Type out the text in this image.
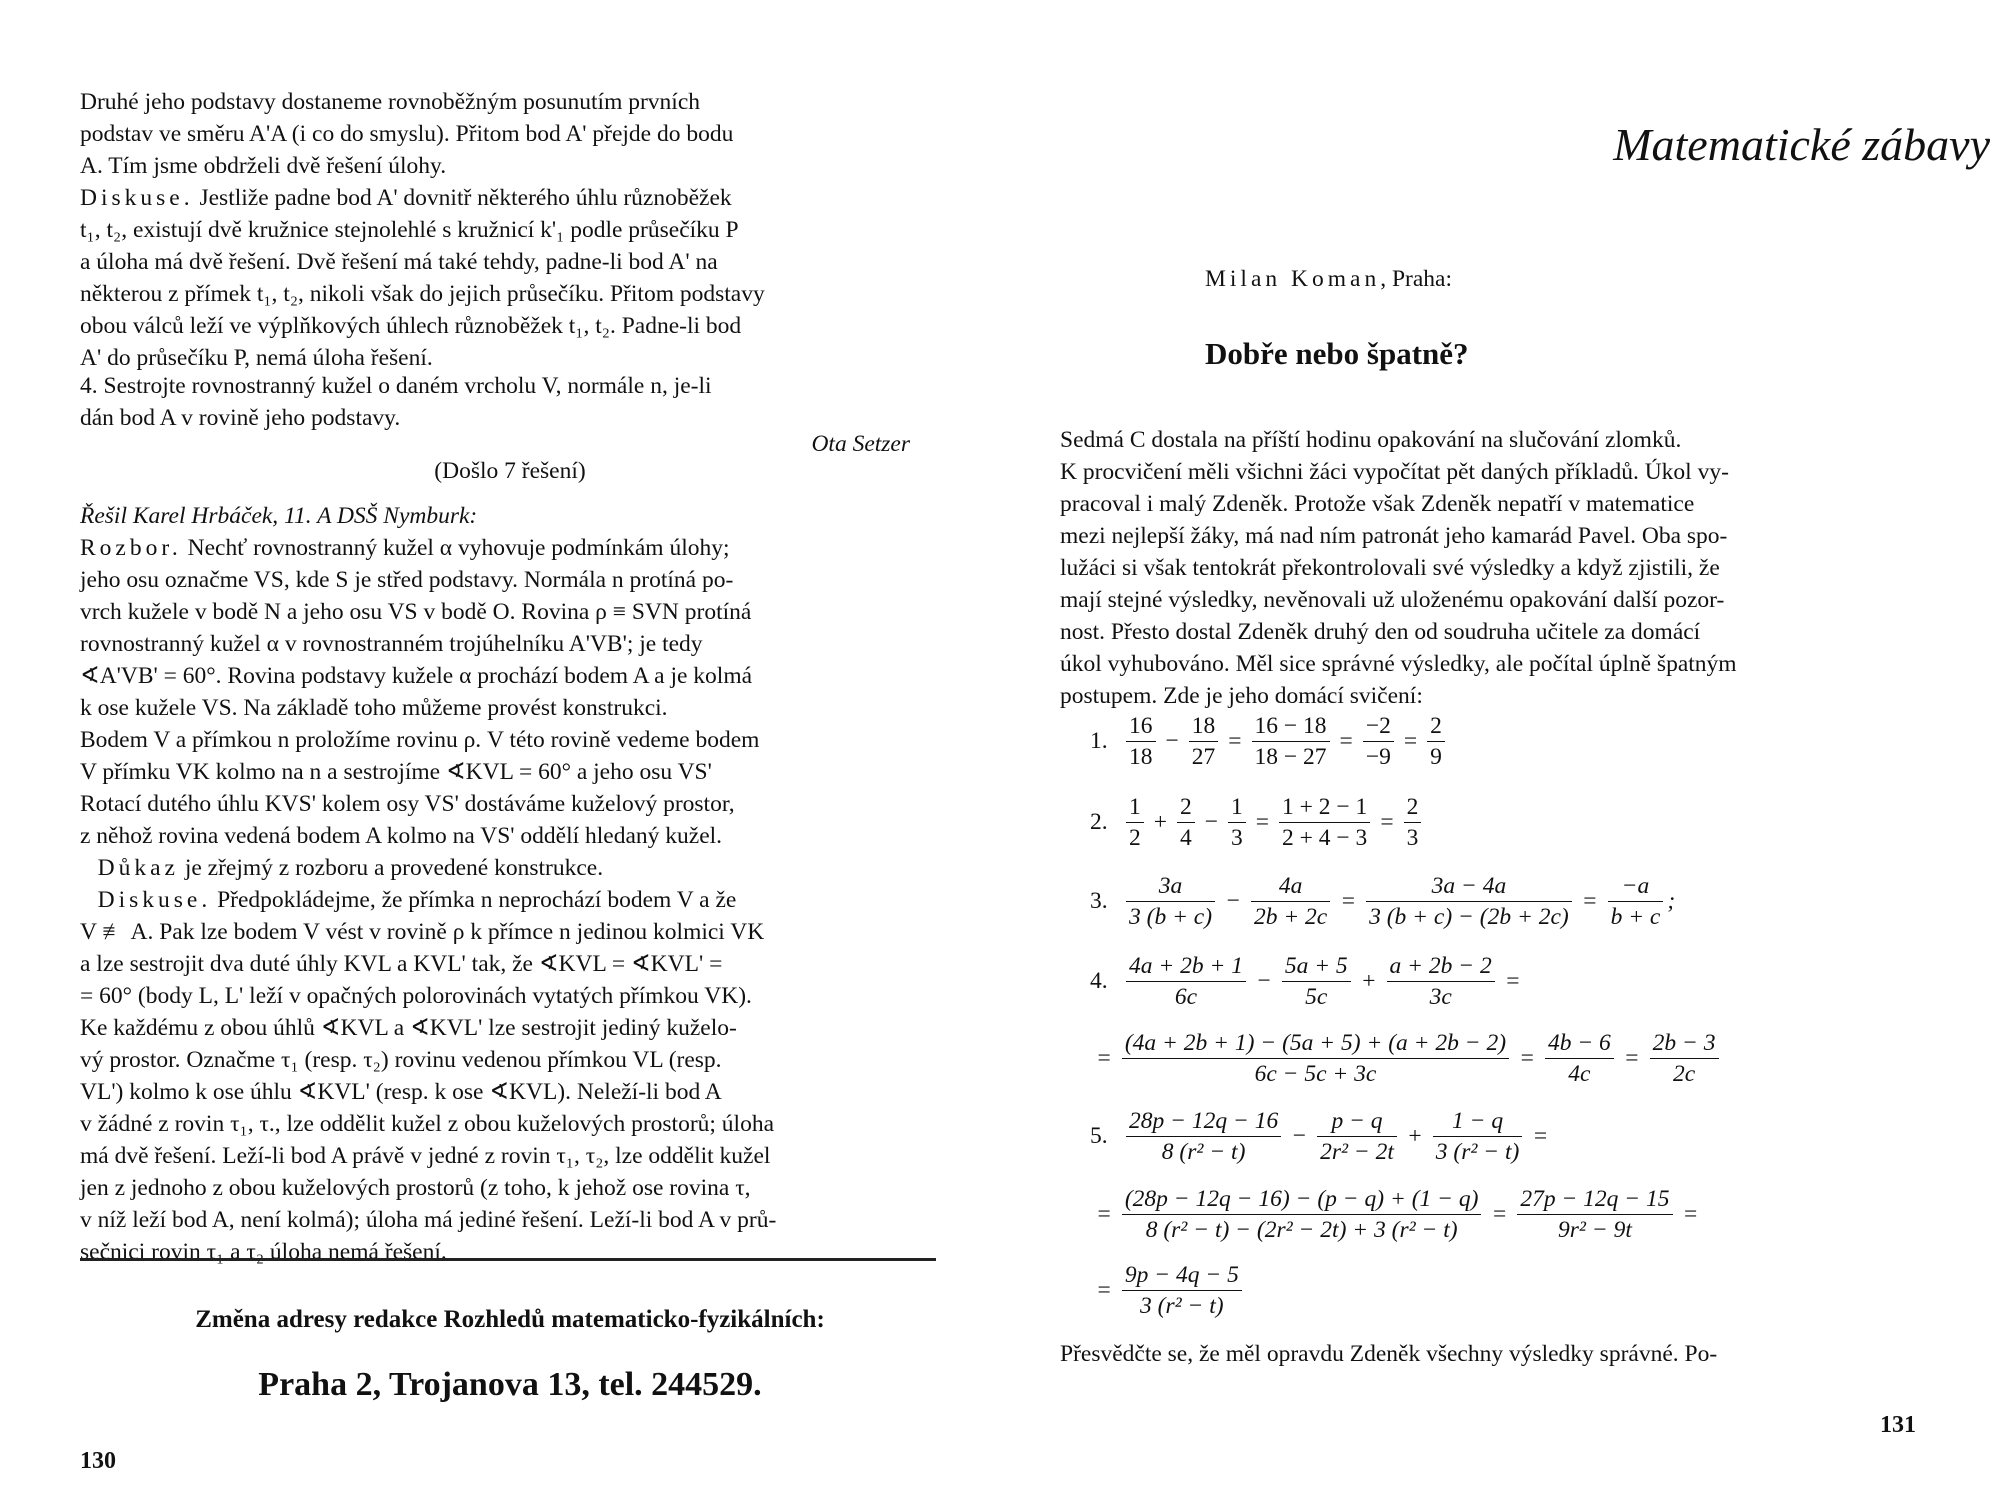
Druhé jeho podstavy dostaneme rovnoběžným posunutím prvních
podstav ve směru A'A (i co do smyslu). Přitom bod A' přejde do bodu
A. Tím jsme obdrželi dvě řešení úlohy.
Diskuse. Jestliže padne bod A' dovnitř některého úhlu různoběžek
t₁, t₂, existují dvě kružnice stejnolehlé s kružnicí k'₁ podle průsečíku P
a úloha má dvě řešení. Dvě řešení má také tehdy, padne-li bod A' na
některou z přímek t₁, t₂, nikoli však do jejich průsečíku. Přitom podstavy
obou válců leží ve výplňkových úhlech různoběžek t₁, t₂. Padne-li bod
A' do průsečíku P, nemá úloha řešení.
4. Sestrojte rovnostranný kužel o daném vrcholu V, normále n, je-li
dán bod A v rovině jeho podstavy.
Ota Setzer
(Došlo 7 řešení)
Řešil Karel Hrbáček, 11. A DSŠ Nymburk:
Rozbor. Nechť rovnostranný kužel α vyhovuje podmínkám úlohy;
jeho osu označme VS, kde S je střed podstavy. Normála n protíná po-
vrch kužele v bodě N a jeho osu VS v bodě O. Rovina ρ ≡ SVN protíná
rovnostranný kužel α v rovnostranném trojúhelníku A'VB'; je tedy
∢A'VB' = 60°. Rovina podstavy kužele α prochází bodem A a je kolmá
k ose kužele VS. Na základě toho můžeme provést konstrukci.
Bodem V a přímkou n proložíme rovinu ρ. V této rovině vedeme bodem
V přímku VK kolmo na n a sestrojíme ∢KVL = 60° a jeho osu VS'
Rotací dutého úhlu KVS' kolem osy VS' dostáváme kuželový prostor,
z něhož rovina vedená bodem A kolmo na VS' oddělí hledaný kužel.
Důkaz je zřejmý z rozboru a provedené konstrukce.
Diskuse. Předpokládejme, že přímka n neprochází bodem V a že
V ≢ A. Pak lze bodem V vést v rovině ρ k přímce n jedinou kolmici VK
a lze sestrojit dva duté úhly KVL a KVL' tak, že ∢KVL = ∢KVL' =
= 60° (body L, L' leží v opačných polorovinách vytatých přímkou VK).
Ke každému z obou úhlů ∢KVL a ∢KVL' lze sestrojit jediný kuželo-
vý prostor. Označme τ₁ (resp. τ₂) rovinu vedenou přímkou VL (resp.
VL') kolmo k ose úhlu ∢KVL' (resp. k ose ∢KVL). Neleží-li bod A
v žádné z rovin τ₁, τ., lze oddělit kužel z obou kuželových prostorů; úloha
má dvě řešení. Leží-li bod A právě v jedné z rovin τ₁, τ₂, lze oddělit kužel
jen z jednoho z obou kuželových prostorů (z toho, k jehož ose rovina τ,
v níž leží bod A, není kolmá); úloha má jediné řešení. Leží-li bod A v prů-
sečnici rovin τ₁ a τ₂ úloha nemá řešení.
Změna adresy redakce Rozhledů matematicko-fyzikálních:
Praha 2, Trojanova 13, tel. 244529.
130
Matematické zábavy
Milan Koman, Praha:
Dobře nebo špatně?
Sedmá C dostala na příští hodinu opakování na slučování zlomků.
K procvičení měli všichni žáci vypočítat pět daných příkladů. Úkol vy-
pracoval i malý Zdeněk. Protože však Zdeněk nepatří v matematice
mezi nejlepší žáky, má nad ním patronát jeho kamarád Pavel. Oba spo-
lužáci si však tentokrát překontrolovali své výsledky a když zjistili, že
mají stejné výsledky, nevěnovali už uloženému opakování další pozor-
nost. Přesto dostal Zdeněk druhý den od soudruha učitele za domácí
úkol vyhubováno. Měl sice správné výsledky, ale počítal úplně špatným
postupem. Zde je jeho domácí svičení:
1. $\frac{16}{18} - \frac{18}{27} = \frac{16 - 18}{18 - 27} = \frac{-2}{-9} = \frac{2}{9}$
2. $\frac{1}{2} + \frac{2}{4} - \frac{1}{3} = \frac{1 + 2 - 1}{2 + 4 - 3} = \frac{2}{3}$
3. $\frac{3a}{3 (b + c)} - \frac{4a}{2b + 2c} = \frac{3a - 4a}{3 (b + c) - (2b + 2c)} = \frac{-a}{b + c}$ ;
4. $\frac{4a + 2b + 1}{6c} - \frac{5a + 5}{5c} + \frac{a + 2b - 2}{3c}$ =
= $\frac{(4a + 2b + 1) - (5a + 5) + (a + 2b - 2)}{6c - 5c + 3c} = \frac{4b - 6}{4c} = \frac{2b - 3}{2c}$
5. $\frac{28p - 12q - 16}{\text{8 (r² − t)}} - \frac{p - q}{\text{2r² − 2t}} + \frac{1 - q}{\text{3 (r² − t)}}$ =
= $\frac{(28p - 12q - 16) - (p - q) + (1 - q)}{\text{8 (r² − t) − (2r² − 2t) + 3 (r² − t)}} = \frac{27p - 12q - 15}{\text{9r² − 9t}}$ =
= $\frac{9p - 4q - 5}{\text{3 (r² − t)}}$
Přesvědčte se, že měl opravdu Zdeněk všechny výsledky správné. Po-
131
